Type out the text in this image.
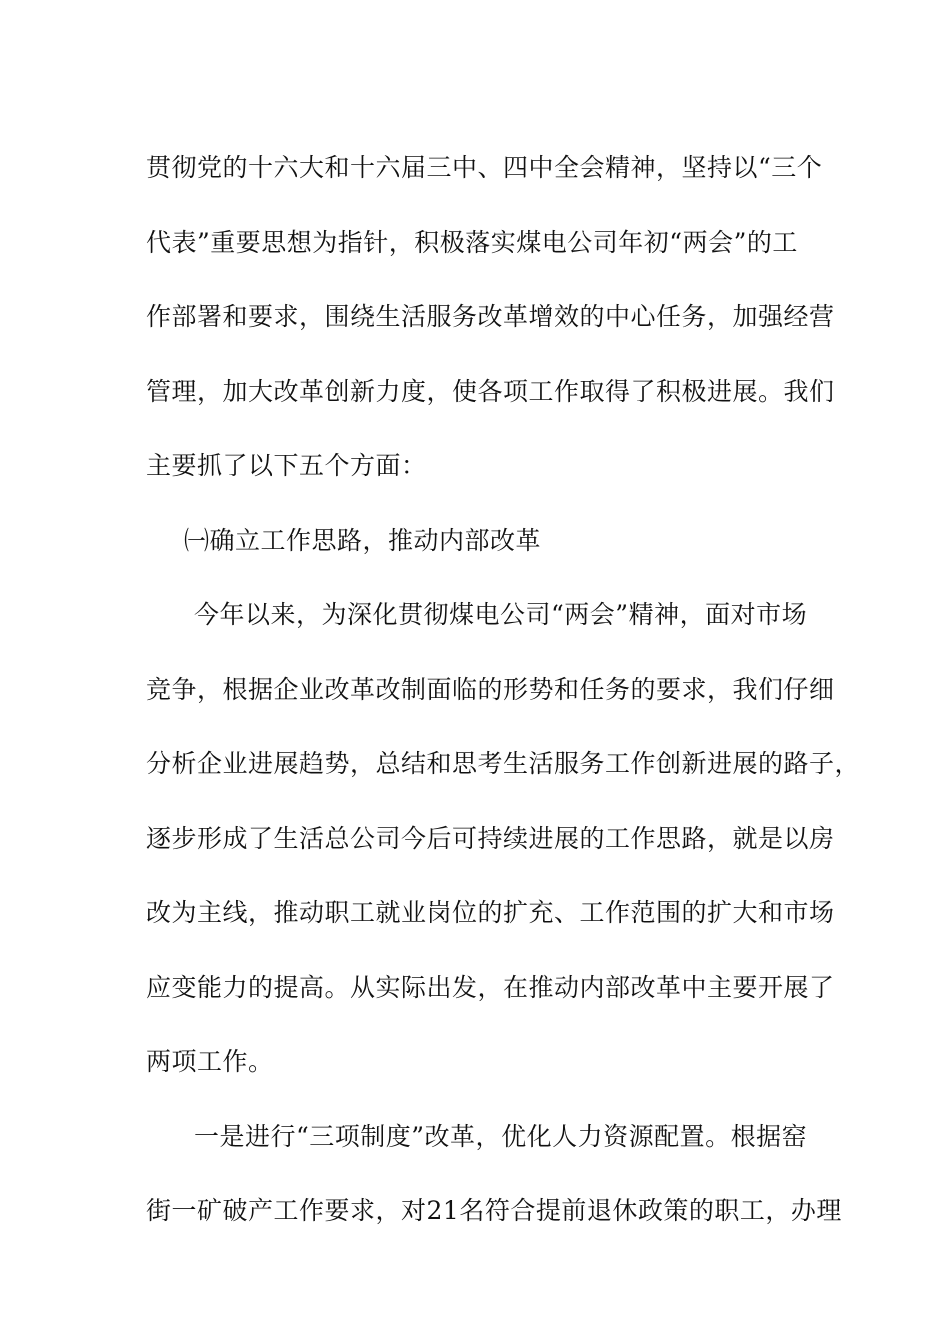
贯彻党的十六大和十六届三中、四中全会精神，坚持以“三个
代表”重要思想为指针，积极落实煤电公司年初“两会”的工
作部署和要求，围绕生活服务改革增效的中心任务，加强经营
管理，加大改革创新力度，使各项工作取得了积极进展。我们
主要抓了以下五个方面：
㈠确立工作思路，推动内部改革
今年以来，为深化贯彻煤电公司“两会”精神，面对市场
竞争，根据企业改革改制面临的形势和任务的要求，我们仔细
分析企业进展趋势，总结和思考生活服务工作创新进展的路子，
逐步形成了生活总公司今后可持续进展的工作思路，就是以房
改为主线，推动职工就业岗位的扩充、工作范围的扩大和市场
应变能力的提高。从实际出发，在推动内部改革中主要开展了
两项工作。
一是进行“三项制度”改革，优化人力资源配置。根据窑
街一矿破产工作要求，对21名符合提前退休政策的职工，办理
